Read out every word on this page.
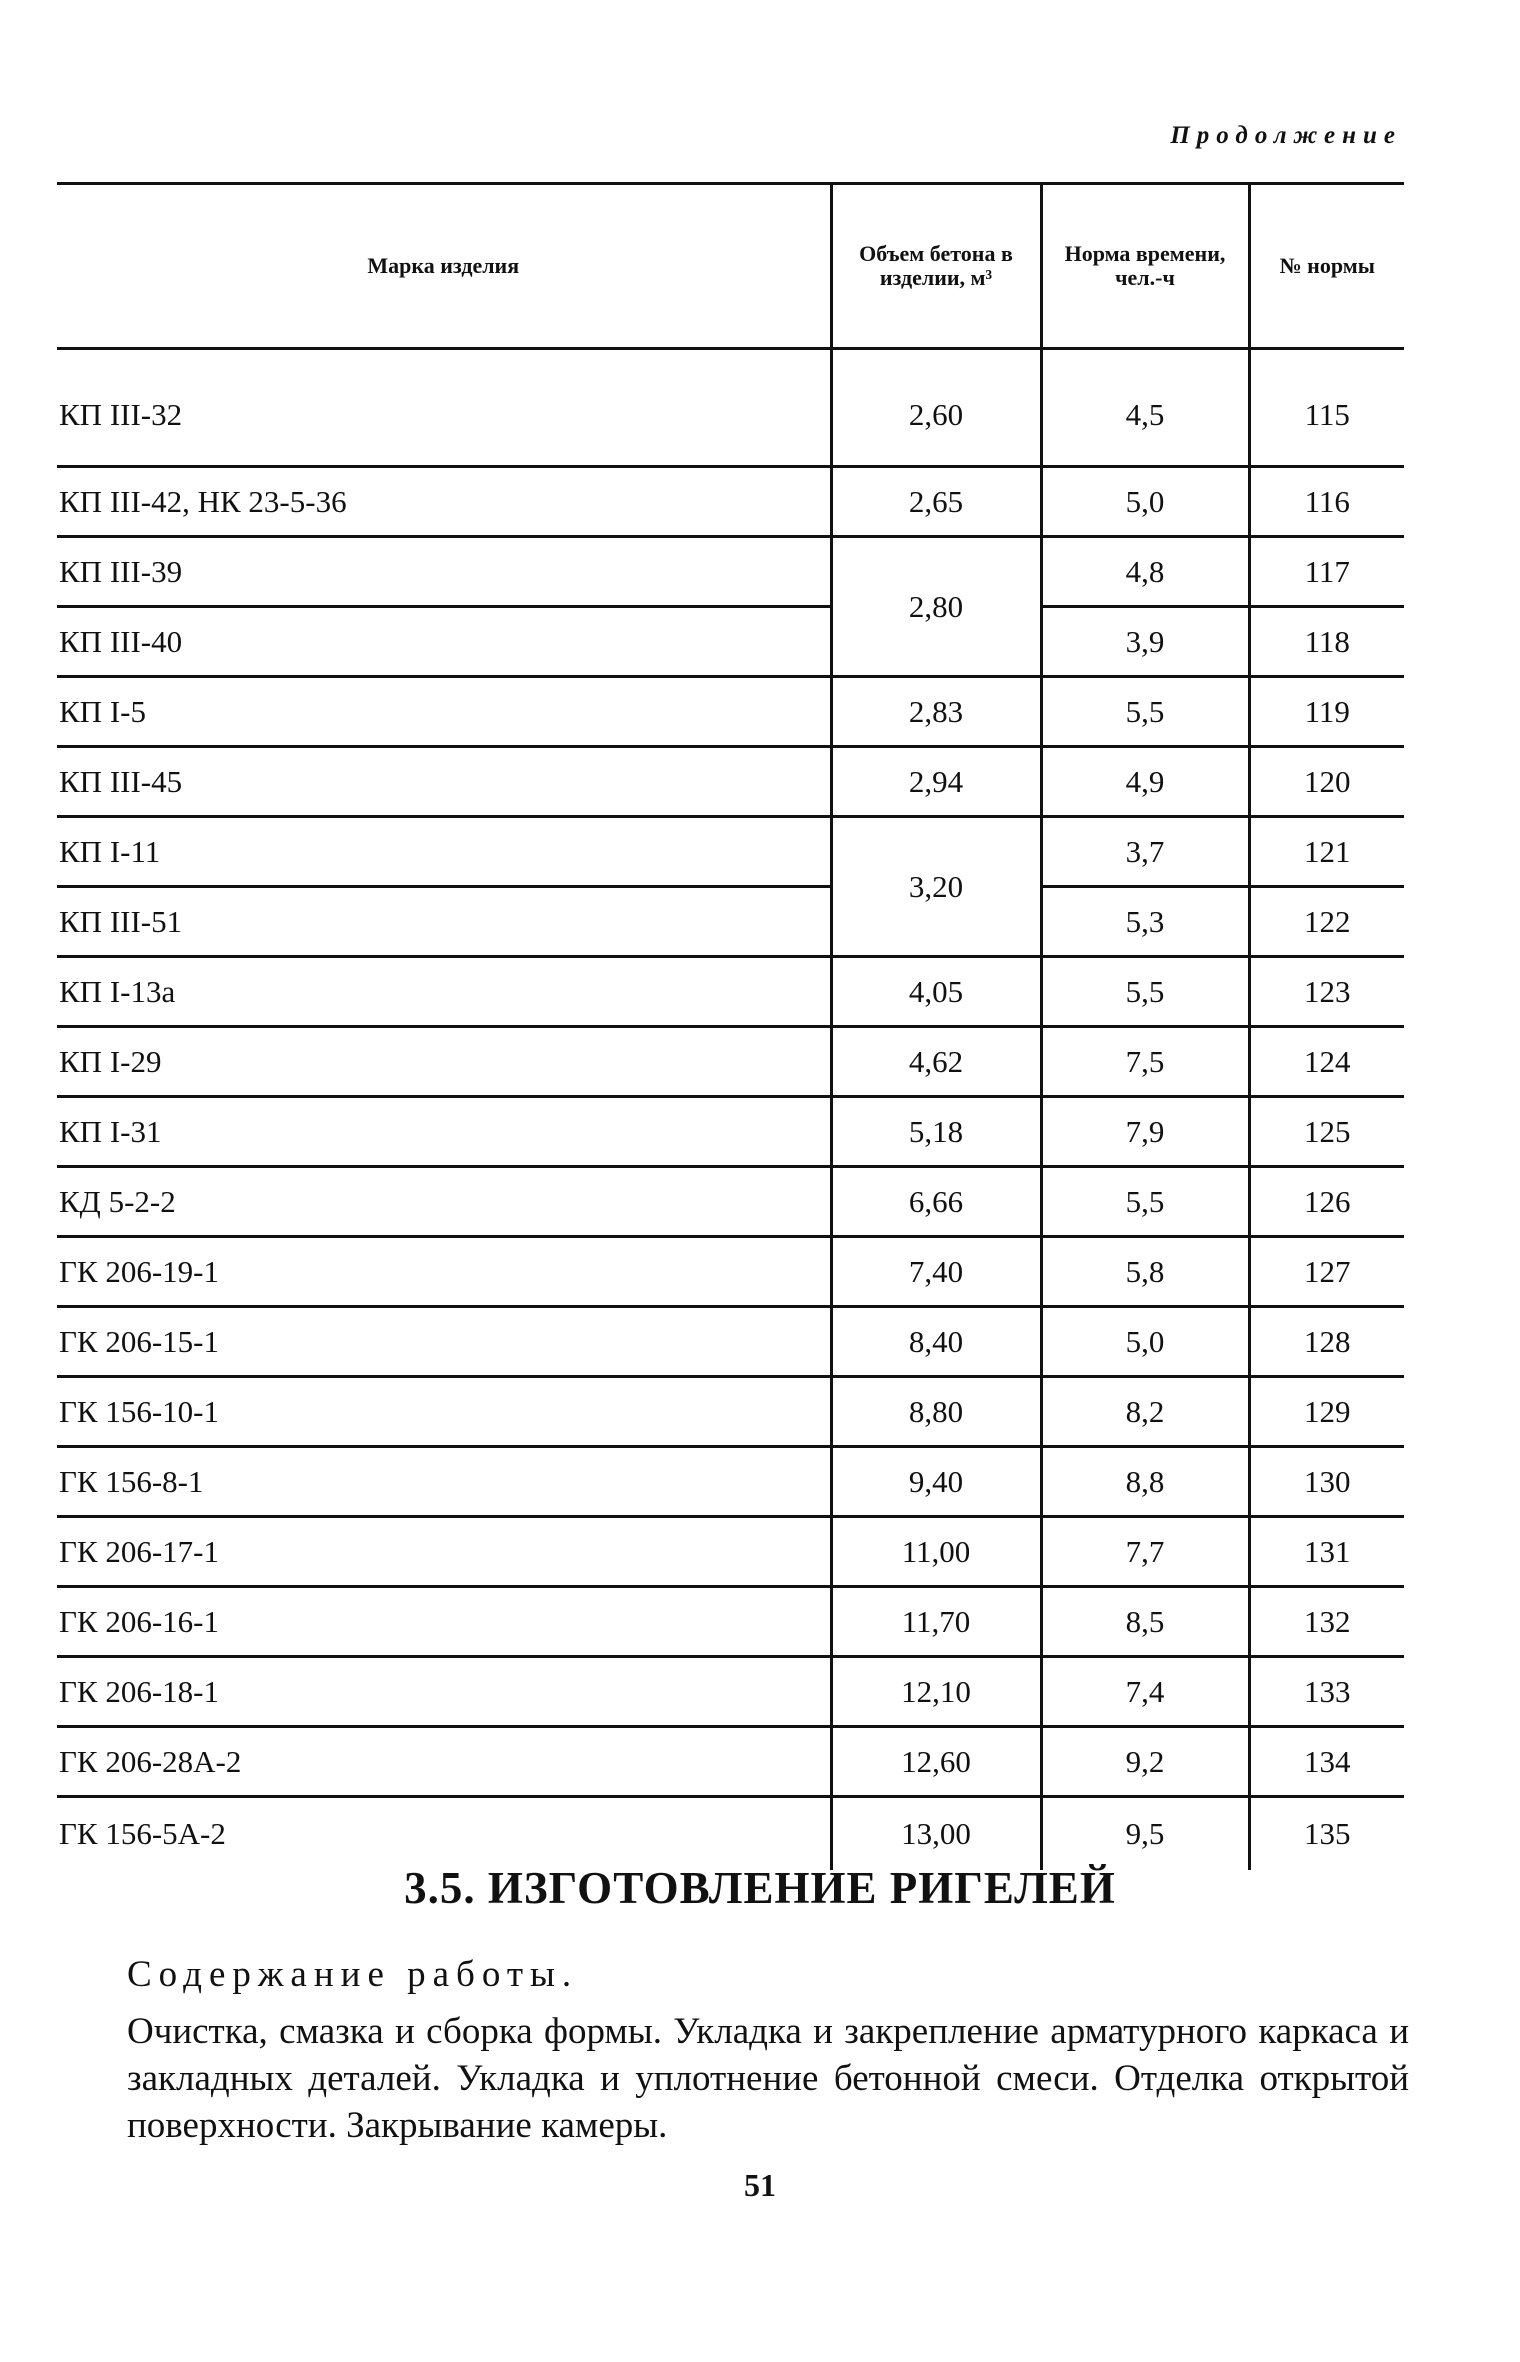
Продолжение
Марка изделия	Объем бетона в изделии, м³	Норма времени, чел.-ч	№ нормы
КП III-32	2,60	4,5	115
КП III-42, НК 23-5-36	2,65	5,0	116
КП III-39	2,80	4,8	117
КП III-40		3,9	118
КП I-5	2,83	5,5	119
КП III-45	2,94	4,9	120
КП I-11	3,20	3,7	121
КП III-51		5,3	122
КП I-13а	4,05	5,5	123
КП I-29	4,62	7,5	124
КП I-31	5,18	7,9	125
КД 5-2-2	6,66	5,5	126
ГК 206-19-1	7,40	5,8	127
ГК 206-15-1	8,40	5,0	128
ГК 156-10-1	8,80	8,2	129
ГК 156-8-1	9,40	8,8	130
ГК 206-17-1	11,00	7,7	131
ГК 206-16-1	11,70	8,5	132
ГК 206-18-1	12,10	7,4	133
ГК 206-28А-2	12,60	9,2	134
ГК 156-5А-2	13,00	9,5	135
3.5. ИЗГОТОВЛЕНИЕ РИГЕЛЕЙ
Содержание работы.

Очистка, смазка и сборка формы. Укладка и закрепление арматурного каркаса и закладных деталей. Укладка и уплотнение бетонной смеси. Отделка открытой поверхности. Закрывание камеры.

51
